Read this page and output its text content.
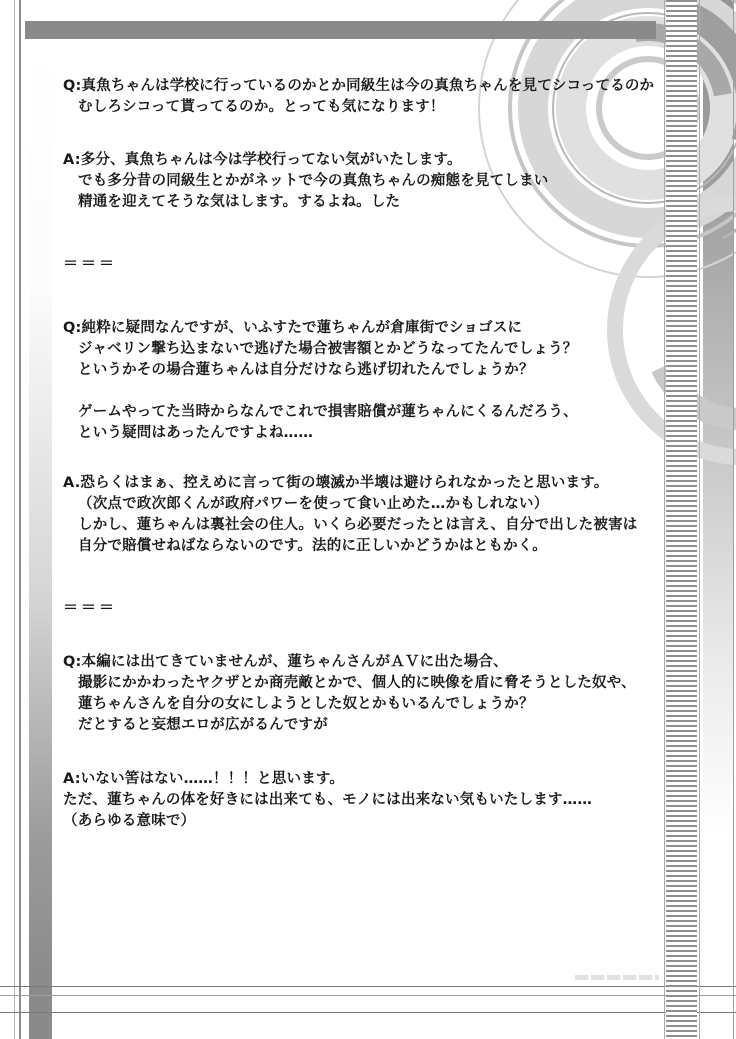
Q:真魚ちゃんは学校に行っているのかとか同級生は今の真魚ちゃんを見てシコってるのか
むしろシコって貰ってるのか。とっても気になります！
A:多分、真魚ちゃんは今は学校行ってない気がいたします。
でも多分昔の同級生とかがネットで今の真魚ちゃんの痴態を見てしまい
精通を迎えてそうな気はします。するよね。した
＝＝＝
Q:純粋に疑問なんですが、いふすたで蓮ちゃんが倉庫街でショゴスに
ジャベリン撃ち込まないで逃げた場合被害額とかどうなってたんでしょう？
というかその場合蓮ちゃんは自分だけなら逃げ切れたんでしょうか？
ゲームやってた当時からなんでこれで損害賠償が蓮ちゃんにくるんだろう、
という疑問はあったんですよね……
A.恐らくはまぁ、控えめに言って街の壊滅か半壊は避けられなかったと思います。
（次点で政次郎くんが政府パワーを使って食い止めた…かもしれない）
しかし、蓮ちゃんは裏社会の住人。いくら必要だったとは言え、自分で出した被害は
自分で賠償せねばならないのです。法的に正しいかどうかはともかく。
＝＝＝
Q:本編には出てきていませんが、蓮ちゃんさんがＡＶに出た場合、
撮影にかかわったヤクザとか商売敵とかで、個人的に映像を盾に脅そうとした奴や、
蓮ちゃんさんを自分の女にしようとした奴とかもいるんでしょうか？
だとすると妄想エロが広がるんですが
A:いない筈はない……！！！と思います。
ただ、蓮ちゃんの体を好きには出来ても、モノには出来ない気もいたします……
（あらゆる意味で）
